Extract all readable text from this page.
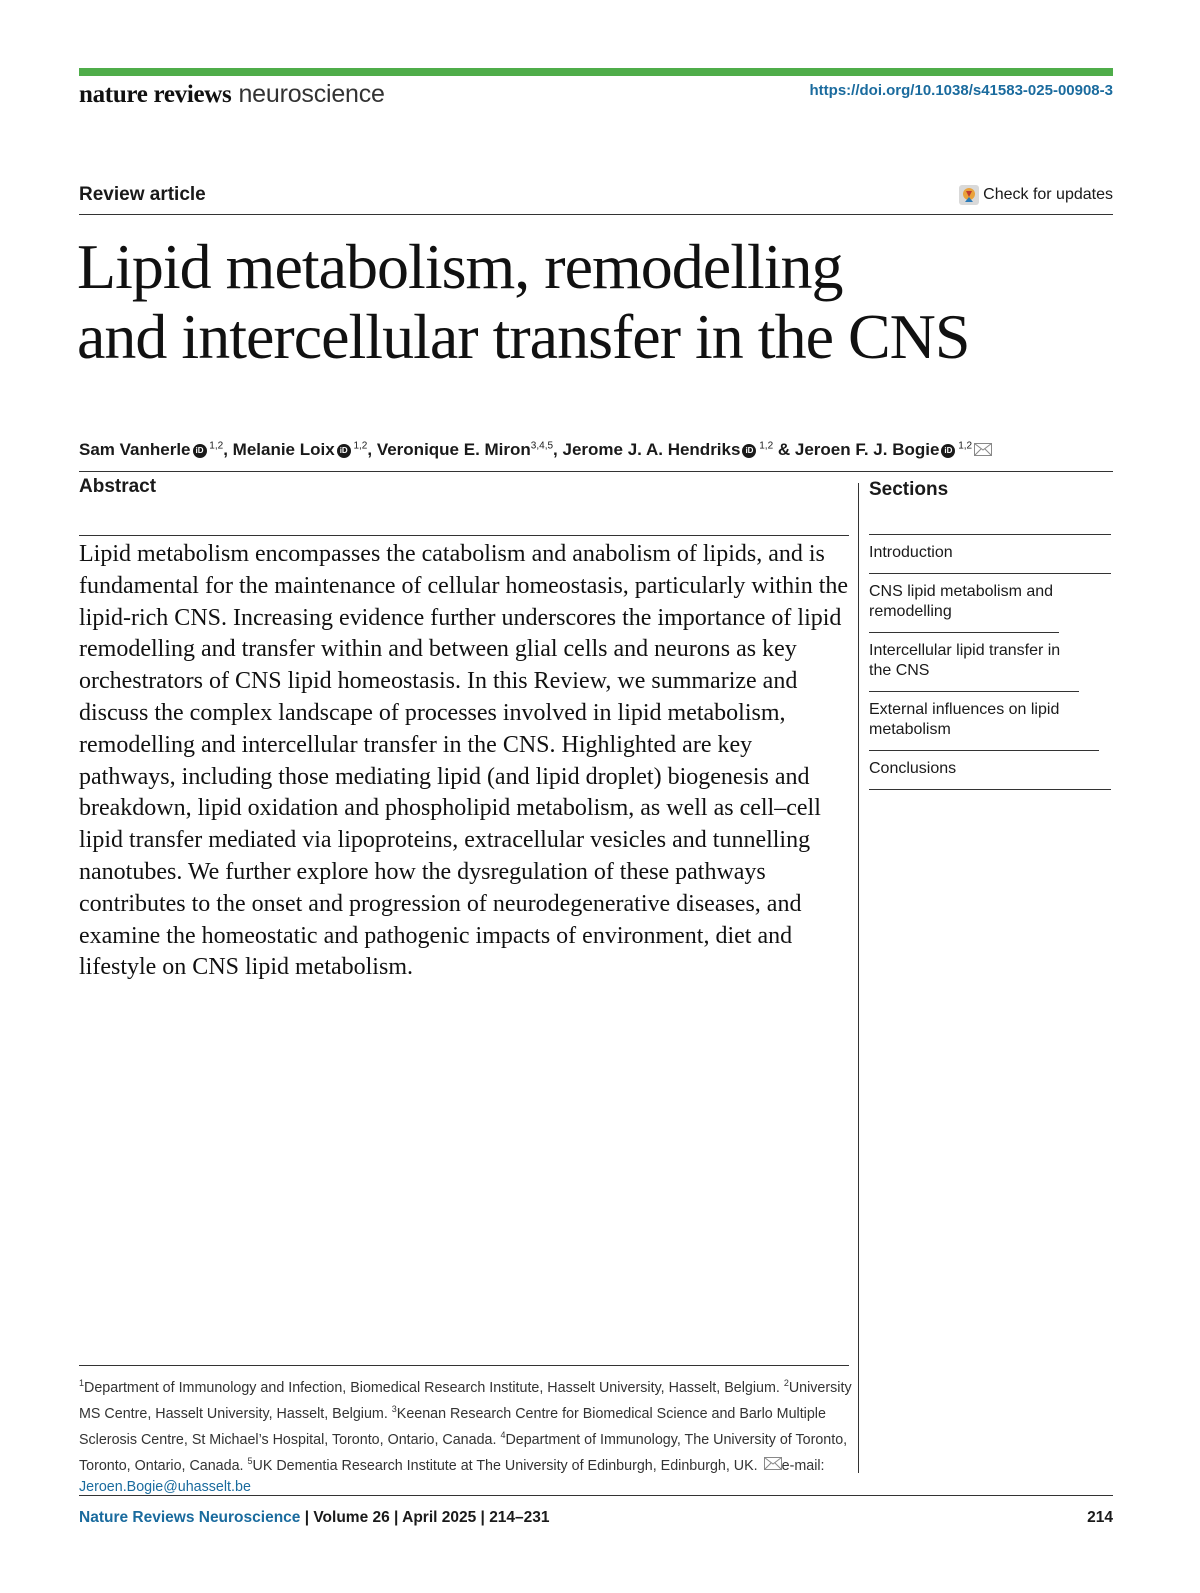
nature reviews neuroscience	https://doi.org/10.1038/s41583-025-00908-3
Review article	Check for updates
Lipid metabolism, remodelling
and intercellular transfer in the CNS
Sam Vanherle iD $^{1,2}$, Melanie Loix iD $^{1,2}$, Veronique E. Miron$^{3,4,5}$, Jerome J. A. Hendriks iD $^{1,2}$ & Jeroen F. J. Bogie iD $^{1,2}$
Abstract

Lipid metabolism encompasses the catabolism and anabolism of lipids, and is fundamental for the maintenance of cellular homeostasis, particularly within the lipid-rich CNS. Increasing evidence further underscores the importance of lipid remodelling and transfer within and between glial cells and neurons as key orchestrators of CNS lipid homeostasis. In this Review, we summarize and discuss the complex landscape of processes involved in lipid metabolism, remodelling and intercellular transfer in the CNS. Highlighted are key pathways, including those mediating lipid (and lipid droplet) biogenesis and breakdown, lipid oxidation and phospholipid metabolism, as well as cell–cell lipid transfer mediated via lipoproteins, extracellular vesicles and tunnelling nanotubes. We further explore how the dysregulation of these pathways contributes to the onset and progression of neurodegenerative diseases, and examine the homeostatic and pathogenic impacts of environment, diet and lifestyle on CNS lipid metabolism.

Sections
Introduction
CNS lipid metabolism and remodelling
Intercellular lipid transfer in the CNS
External influences on lipid metabolism
Conclusions
$^1$Department of Immunology and Infection, Biomedical Research Institute, Hasselt University, Hasselt, Belgium. $^2$University MS Centre, Hasselt University, Hasselt, Belgium. $^3$Keenan Research Centre for Biomedical Science and Barlo Multiple Sclerosis Centre, St Michael’s Hospital, Toronto, Ontario, Canada. $^4$Department of Immunology, The University of Toronto, Toronto, Ontario, Canada. $^5$UK Dementia Research Institute at The University of Edinburgh, Edinburgh, UK. e-mail: Jeroen.Bogie@uhasselt.be
Nature Reviews Neuroscience | Volume 26 | April 2025 | 214–231	214
